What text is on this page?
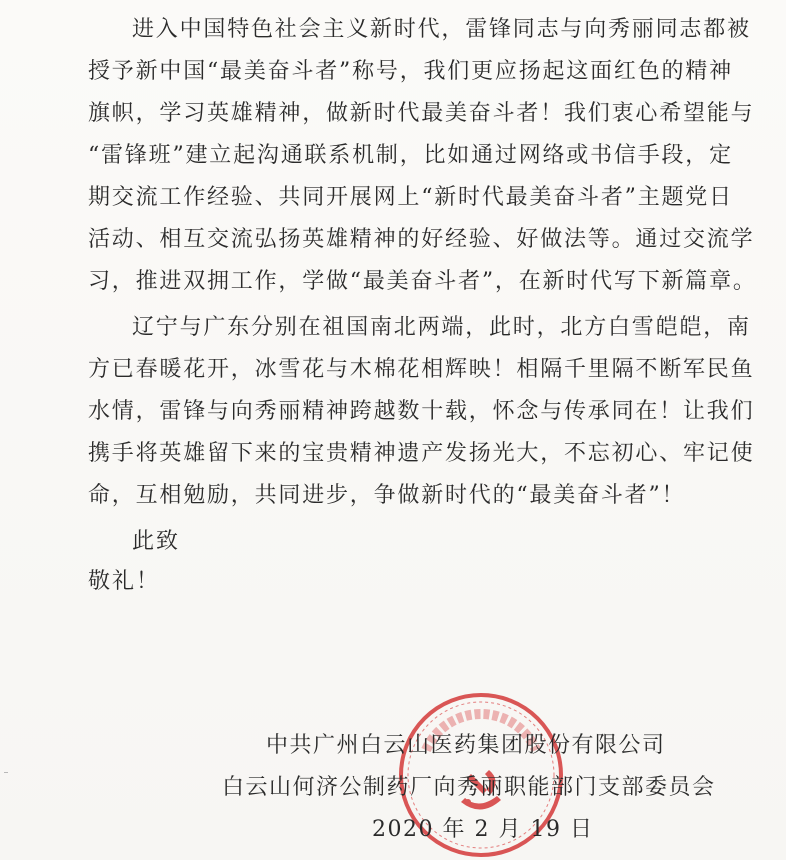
进入中国特色社会主义新时代，雷锋同志与向秀丽同志都被
授予新中国“最美奋斗者”称号，我们更应扬起这面红色的精神
旗帜，学习英雄精神，做新时代最美奋斗者！我们衷心希望能与
“雷锋班”建立起沟通联系机制，比如通过网络或书信手段，定
期交流工作经验、共同开展网上“新时代最美奋斗者”主题党日
活动、相互交流弘扬英雄精神的好经验、好做法等。通过交流学
习，推进双拥工作，学做“最美奋斗者”，在新时代写下新篇章。
辽宁与广东分别在祖国南北两端，此时，北方白雪皑皑，南
方已春暖花开，冰雪花与木棉花相辉映！相隔千里隔不断军民鱼
水情，雷锋与向秀丽精神跨越数十载，怀念与传承同在！让我们
携手将英雄留下来的宝贵精神遗产发扬光大，不忘初心、牢记使
命，互相勉励，共同进步，争做新时代的“最美奋斗者”！
此致
敬礼！
中共广州白云山医药集团股份有限公司
白云山何济公制药厂向秀丽职能部门支部委员会
2020 年 2 月 19 日
